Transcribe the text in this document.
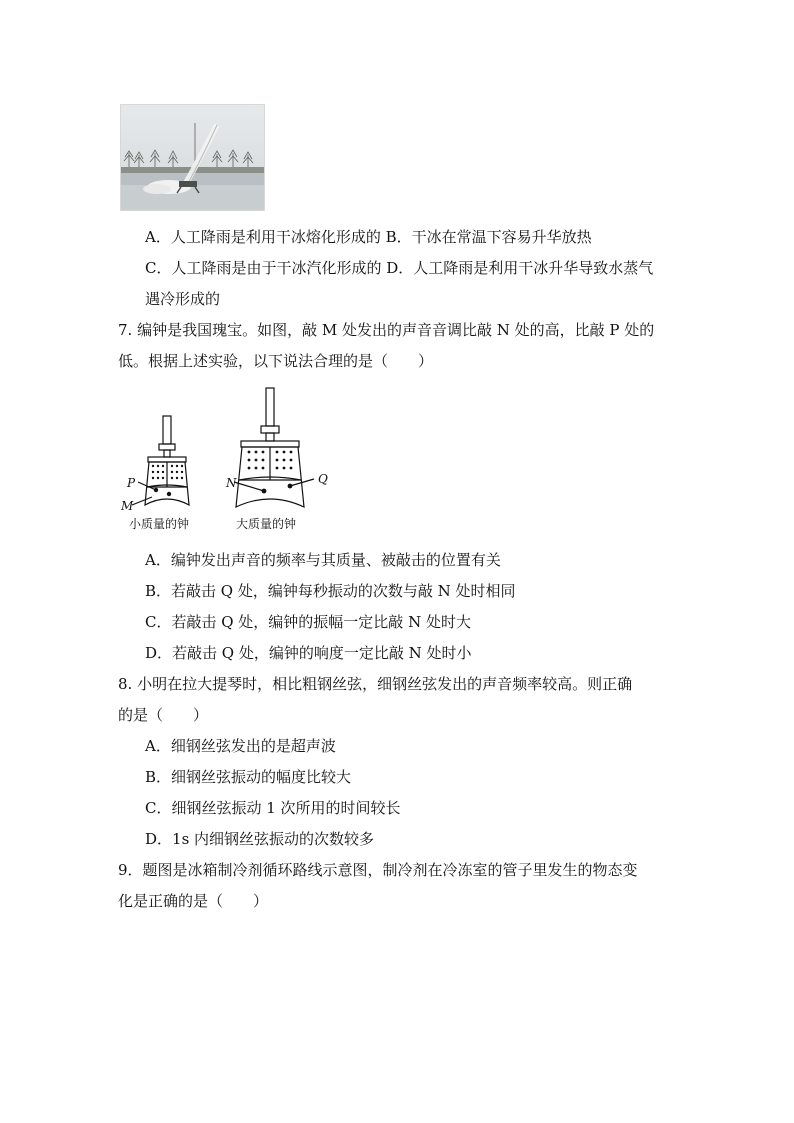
A．人工降雨是利用干冰熔化形成的 B．干冰在常温下容易升华放热
C．人工降雨是由于干冰汽化形成的 D．人工降雨是利用干冰升华导致水蒸气
遇冷形成的
7. 编钟是我国瑰宝。如图，敲 M 处发出的声音音调比敲 N 处的高，比敲 P 处的
低。根据上述实验，以下说法合理的是（　　）
P
M
N	Q
小质量的钟	大质量的钟
A．编钟发出声音的频率与其质量、被敲击的位置有关
B．若敲击 Q 处，编钟每秒振动的次数与敲 N 处时相同
C．若敲击 Q 处，编钟的振幅一定比敲 N 处时大
D．若敲击 Q 处，编钟的响度一定比敲 N 处时小
8. 小明在拉大提琴时，相比粗钢丝弦，细钢丝弦发出的声音频率较高。则正确
的是（　　）
A．细钢丝弦发出的是超声波
B．细钢丝弦振动的幅度比较大
C．细钢丝弦振动 1 次所用的时间较长
D．1s 内细钢丝弦振动的次数较多
9．题图是冰箱制冷剂循环路线示意图，制冷剂在冷冻室的管子里发生的物态变
化是正确的是（　　）
